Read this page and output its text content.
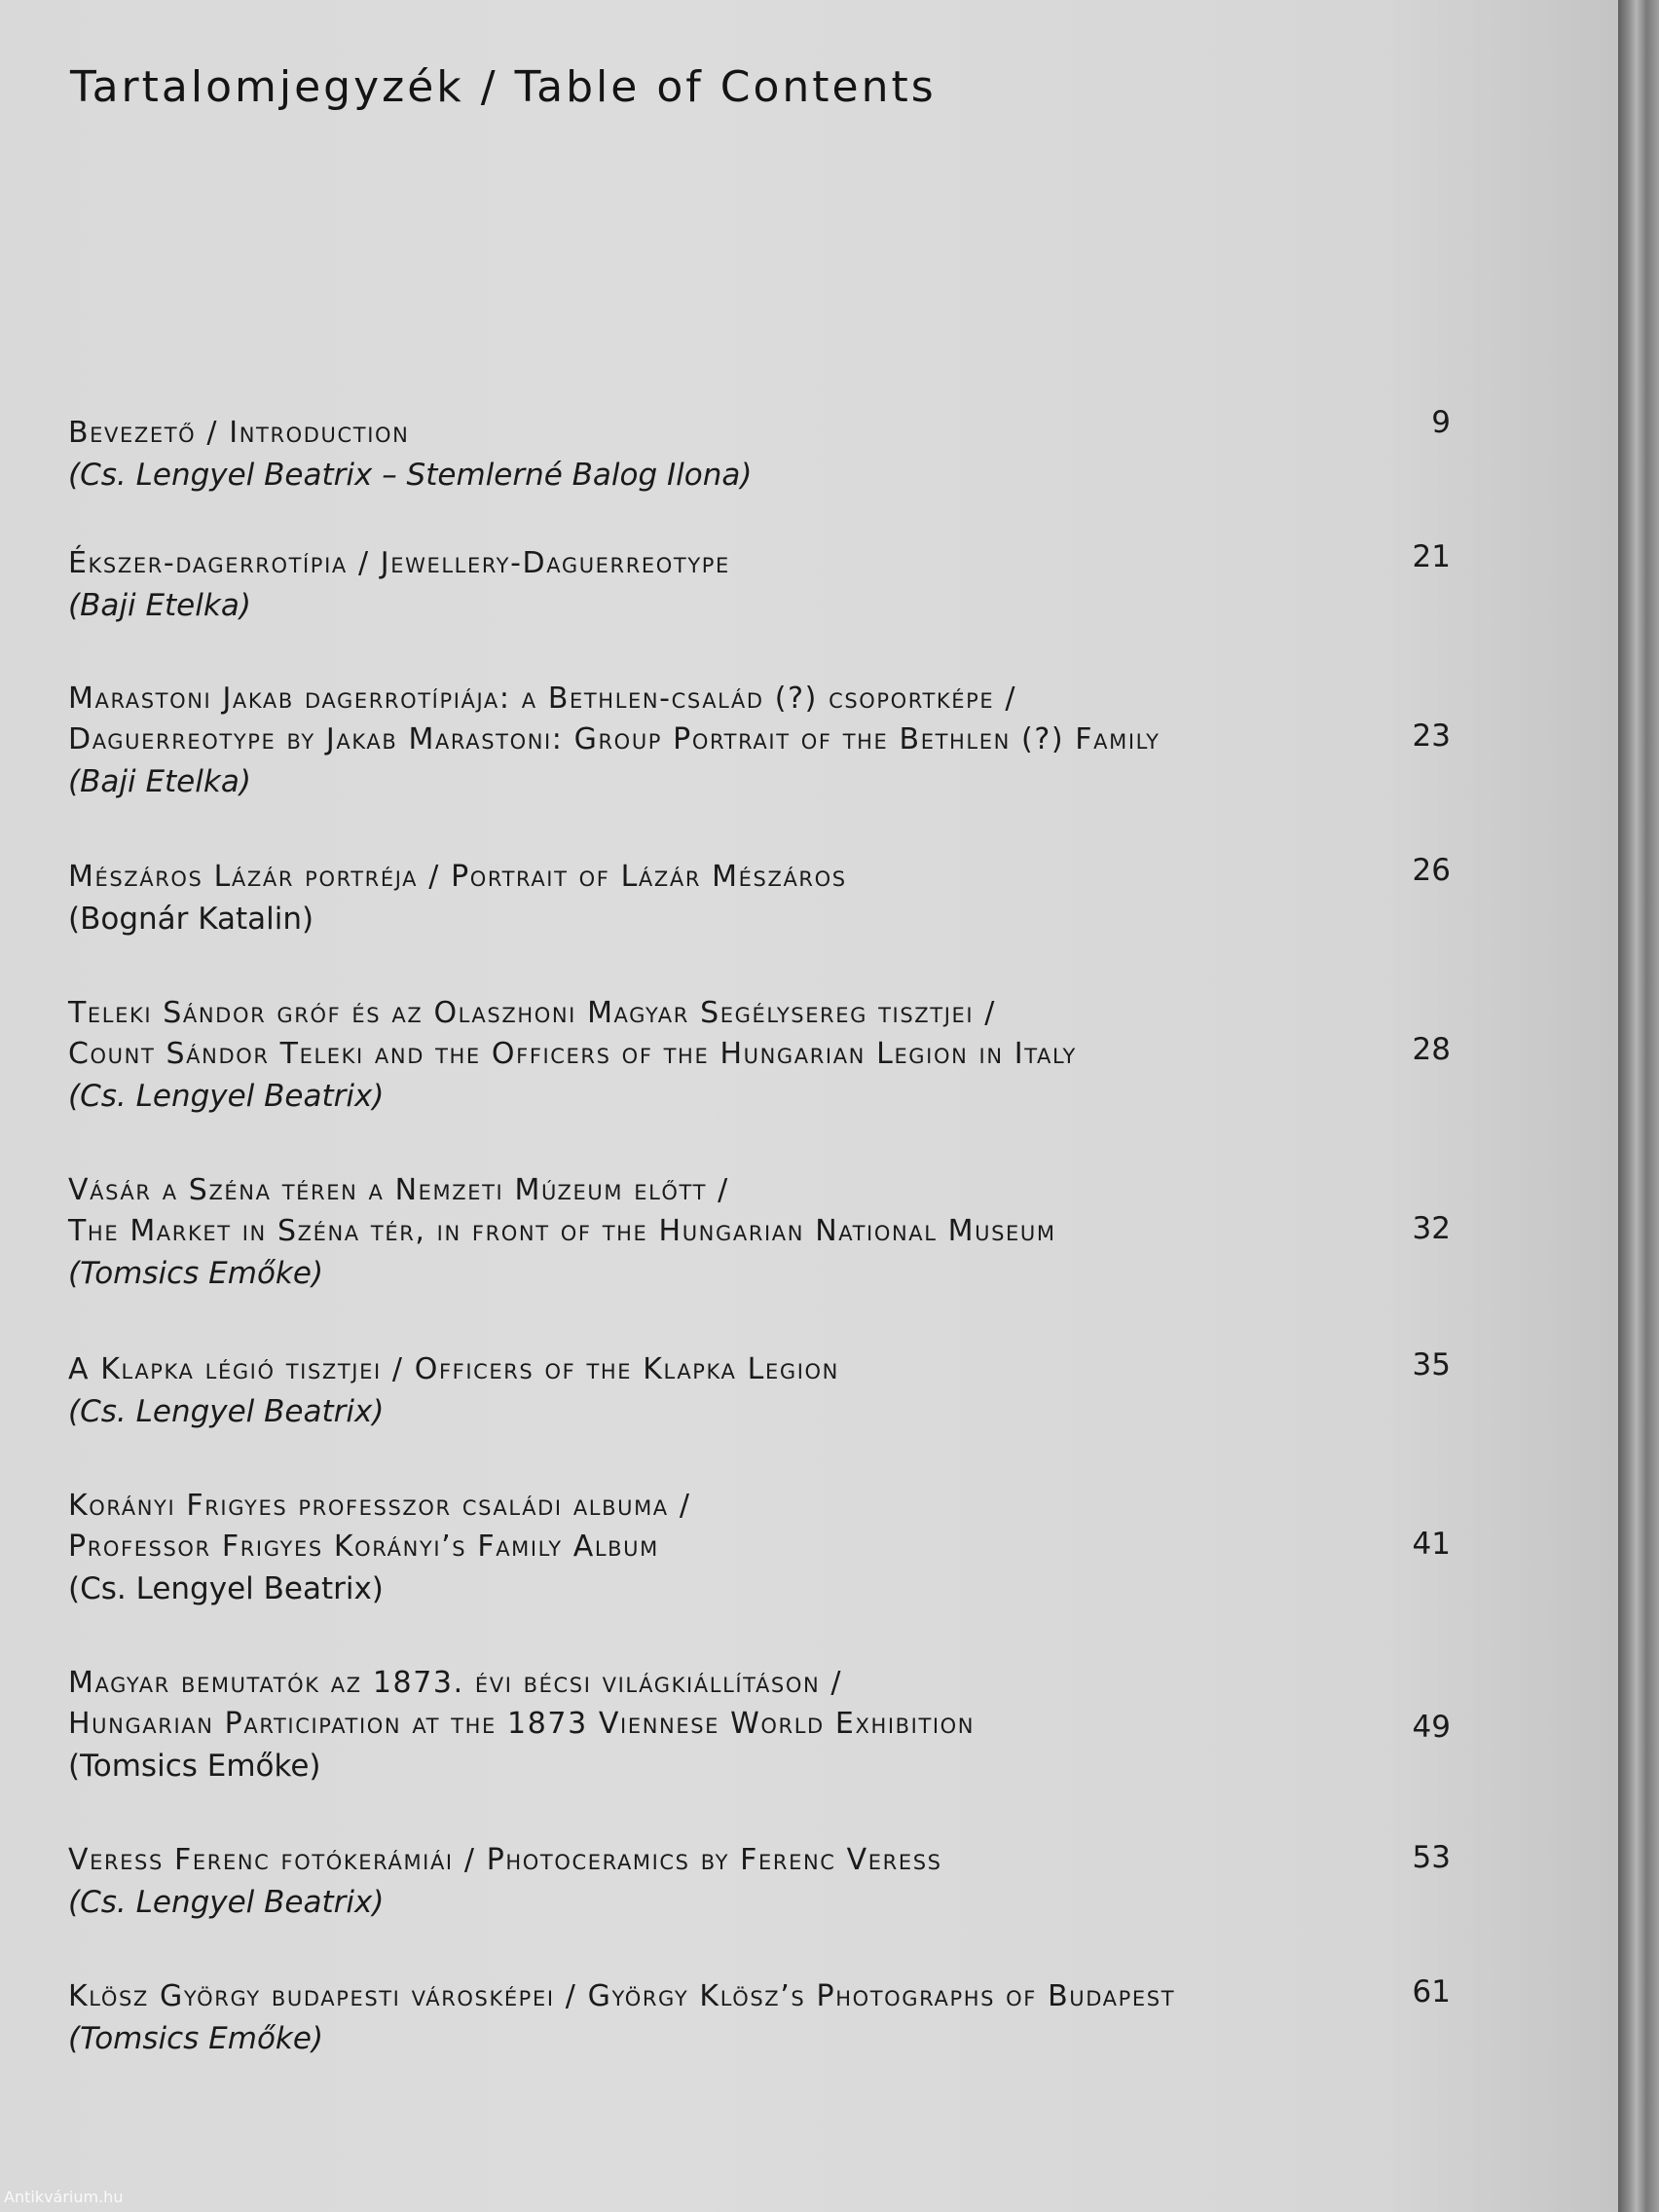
Tartalomjegyzék / Table of Contents
Bevezető / Introduction
(Cs. Lengyel Beatrix – Stemlerné Balog Ilona)
9
Ékszer-dagerrotípia / Jewellery-Daguerreotype
(Baji Etelka)
21
Marastoni Jakab dagerrotípiája: a Bethlen-család (?) csoportképe /
Daguerreotype by Jakab Marastoni: Group Portrait of the Bethlen (?) Family
(Baji Etelka)
23
Mészáros Lázár portréja / Portrait of Lázár Mészáros
(Bognár Katalin)
26
Teleki Sándor gróf és az Olaszhoni Magyar Segélysereg tisztjei /
Count Sándor Teleki and the Officers of the Hungarian Legion in Italy
(Cs. Lengyel Beatrix)
28
Vásár a Széna téren a Nemzeti Múzeum előtt /
The Market in Széna tér, in front of the Hungarian National Museum
(Tomsics Emőke)
32
A Klapka légió tisztjei / Officers of the Klapka Legion
(Cs. Lengyel Beatrix)
35
Korányi Frigyes professzor családi albuma /
Professor Frigyes Korányi’s Family Album
(Cs. Lengyel Beatrix)
41
Magyar bemutatók az 1873. évi bécsi világkiállításon /
Hungarian Participation at the 1873 Viennese World Exhibition
(Tomsics Emőke)
49
Veress Ferenc fotókerámiái / Photoceramics by Ferenc Veress
(Cs. Lengyel Beatrix)
53
Klösz György budapesti városképei / György Klösz’s Photographs of Budapest
(Tomsics Emőke)
61
Antikvárium.hu
